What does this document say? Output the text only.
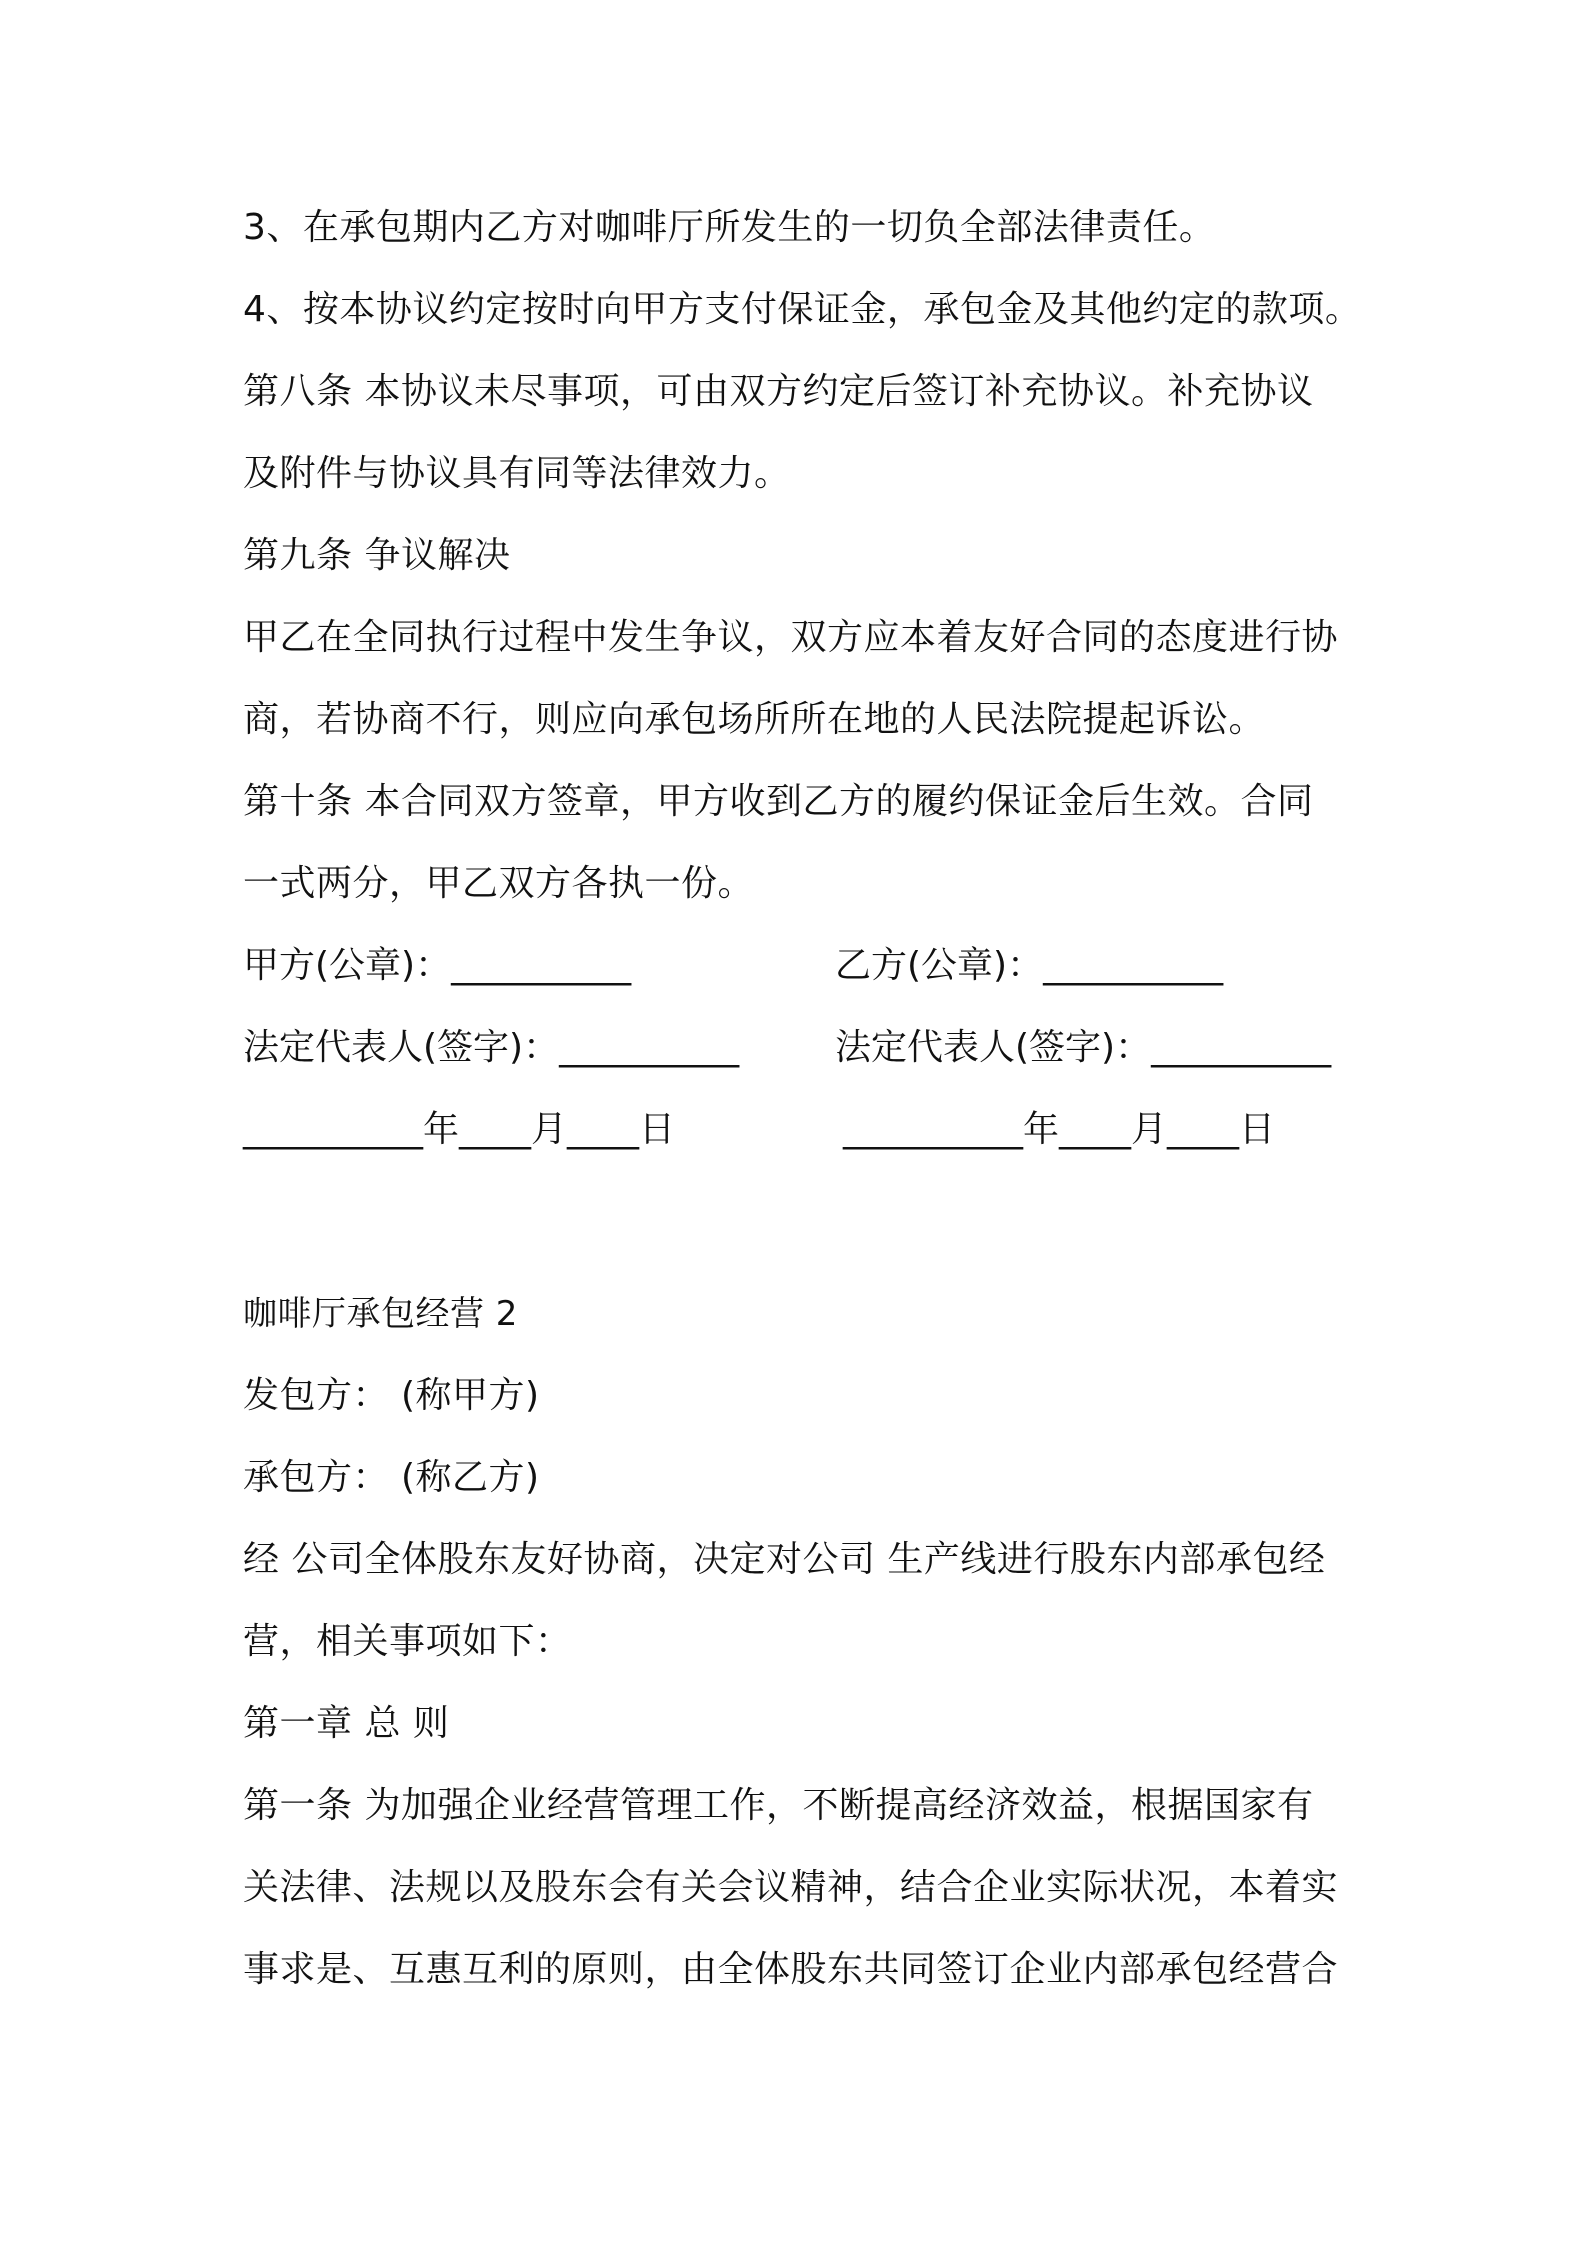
3、在承包期内乙方对咖啡厅所发生的一切负全部法律责任。
4、按本协议约定按时向甲方支付保证金，承包金及其他约定的款项。
第八条 本协议未尽事项，可由双方约定后签订补充协议。补充协议
及附件与协议具有同等法律效力。
第九条 争议解决
甲乙在全同执行过程中发生争议，双方应本着友好合同的态度进行协
商，若协商不行，则应向承包场所所在地的人民法院提起诉讼。
第十条 本合同双方签章，甲方收到乙方的履约保证金后生效。合同
一式两分，甲乙双方各执一份。
甲方(公章)：__________	乙方(公章)：__________
法定代表人(签字)：__________	法定代表人(签字)：__________
__________年____月____日	__________年____月____日
咖啡厅承包经营 2
发包方： (称甲方)
承包方： (称乙方)
经 公司全体股东友好协商，决定对公司 生产线进行股东内部承包经
营，相关事项如下：
第一章 总 则
第一条 为加强企业经营管理工作，不断提高经济效益，根据国家有
关法律、法规以及股东会有关会议精神，结合企业实际状况，本着实
事求是、互惠互利的原则，由全体股东共同签订企业内部承包经营合
